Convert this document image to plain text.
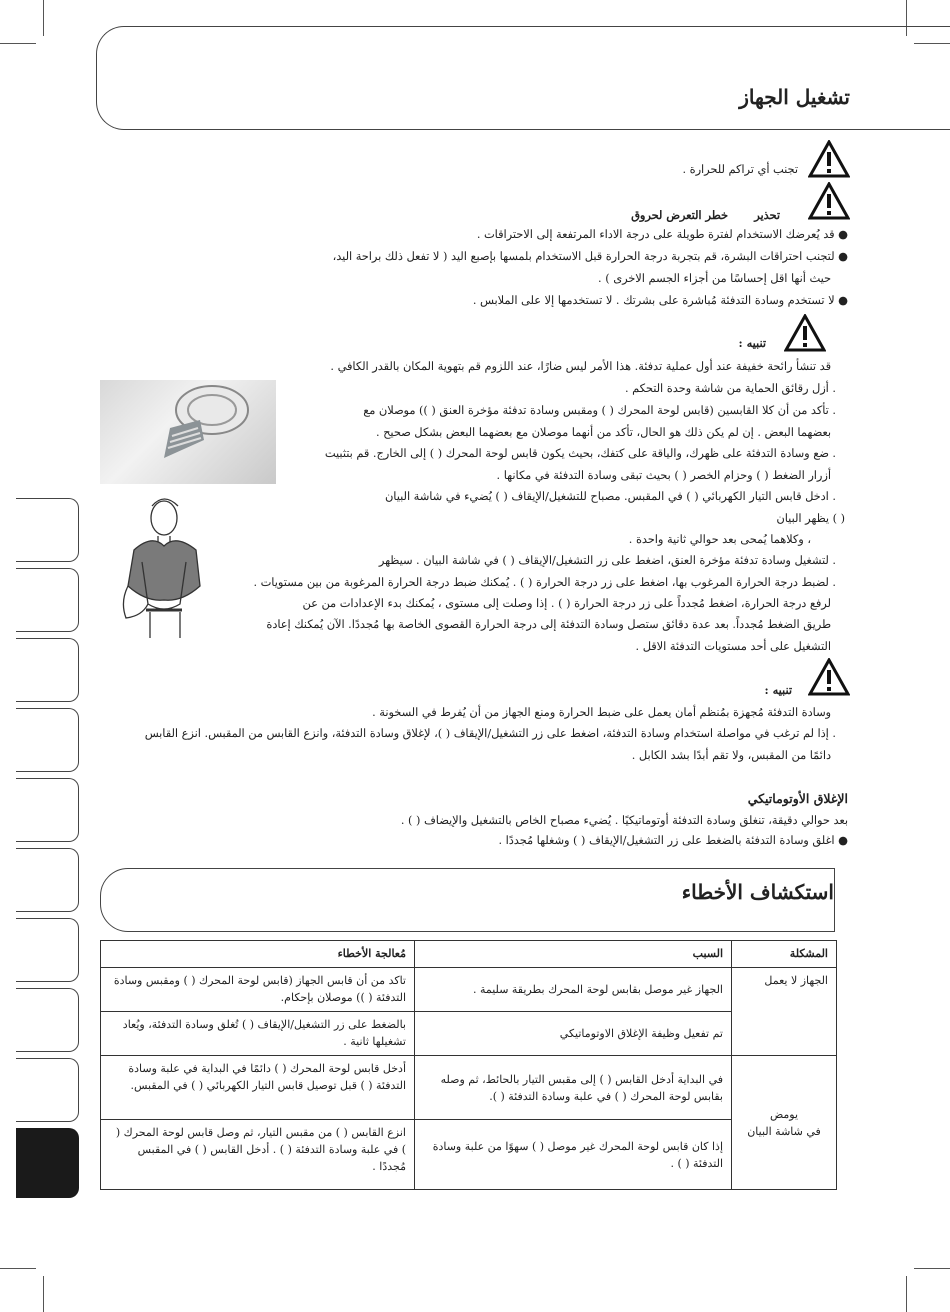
تشغيل الجهاز
تجنب أي تراكم للحرارة .
تحذير
خطر التعرض لحروق
● قد يُعرضك الاستخدام لفترة طويلة على درجة الاداء المرتفعة إلى الاحتراقات .
● لتجنب احتراقات البشرة، قم بتجربة درجة الحرارة قبل الاستخدام بلمسها بإصبع اليد ( لا تفعل ذلك براحة اليد،
حيث أنها اقل إحساسًا من أجزاء الجسم الاخرى ) .
● لا تستخدم وسادة التدفئة مُباشرة على بشرتك . لا تستخدمها إلا على الملابس .
تنبيه :
قد تنشأ رائحة خفيفة عند أول عملية تدفئة. هذا الأمر ليس ضارًا، عند اللزوم قم بتهوية المكان بالقدر الكافي .
. أزل رقائق الحماية من شاشة وحدة التحكم .
. تأكد من أن كلا القابسين (قابس لوحة المحرك ( ) ومقبس وسادة تدفئة مؤخرة العنق ( )) موصلان مع
بعضهما البعض . إن لم يكن ذلك هو الحال، تأكد من أنهما موصلان مع بعضهما البعض بشكل صحيح .
. ضع وسادة التدفئة على ظهرك، والياقة على كتفك، بحيث يكون قابس لوحة المحرك ( ) إلى الخارج. قم بتثبيت
أزرار الضغط ( ) وحزام الخصر ( ) بحيث تبقى وسادة التدفئة في مكانها .
. ادخل قابس التيار الكهربائي ( ) في المقبس. مصباح للتشغيل/الإيقاف ( ) يُضيء في شاشة البيان
( ) يظهر البيان
، وكلاهما يُمحى بعد حوالي ثانية واحدة .
. لتشغيل وسادة تدفئة مؤخرة العنق، اضغط على زر التشغيل/الإيقاف ( ) في شاشة البيان . سيظهر
. لضبط درجة الحرارة المرغوب بها، اضغط على زر درجة الحرارة ( ) . يُمكنك ضبط درجة الحرارة المرغوبة من بين مستويات .
لرفع درجة الحرارة، اضغط مُجدداً على زر درجة الحرارة ( ) . إذا وصلت إلى مستوى ، يُمكنك بدء الإعدادات من عن
طريق الضغط مُجدداً. بعد عدة دقائق ستصل وسادة التدفئة إلى درجة الحرارة القصوى الخاصة بها مُجددًا. الآن يُمكنك إعادة
التشغيل على أحد مستويات التدفئة الاقل .
تنبيه :
وسادة التدفئة مُجهزة بمُنظم أمان يعمل على ضبط الحرارة ومنع الجهاز من أن يُفرط في السخونة .
. إذا لم ترغب في مواصلة استخدام وسادة التدفئة، اضغط على زر التشغيل/الإيقاف ( )، لإغلاق وسادة التدفئة، وانزع القابس من المقبس. انزع القابس
دائمًا من المقبس، ولا تقم أبدًا بشد الكابل .
الإغلاق الأوتوماتيكي
بعد حوالي دقيقة، تنغلق وسادة التدفئة أوتوماتيكيًا . يُضيء مصباح الخاص بالتشغيل والإيضاف ( ) .
● اغلق وسادة التدفئة بالضغط على زر التشغيل/الإيقاف ( ) وشغلها مُجددًا .
استكشاف الأخطاء
المشكلة	السبب	مُعالجة الأخطاء
الجهاز لا يعمل	الجهاز غير موصل بقابس لوحة المحرك بطريقة سليمة .	تاكد من أن قابس الجهاز (قابس لوحة المحرك ( ) ومقبس وسادة التدفئة ( )) موصلان بإحكام.
	تم تفعيل وظيفة الإغلاق الاوتوماتيكي	بالضغط على زر التشغيل/الإيقاف ( ) تُغلق وسادة التدفئة، ويُعاد تشغيلها ثانية .

يومض
في شاشة البيان	في البداية أدخل القابس ( ) إلى مقبس التيار بالحائط، ثم وصله بقابس لوحة المحرك ( ) في علبة وسادة التدفئة ( ).	أدخل قابس لوحة المحرك ( ) دائمًا في البداية في علبة وسادة التدفئة ( ) قبل توصيل قابس التيار الكهربائي ( ) في المقبس.
	إذا كان قابس لوحة المحرك غير موصل ( ) سهوًا من علبة وسادة التدفئة ( ) .	انزع القابس ( ) من مقبس التيار، ثم وصل قابس لوحة المحرك ( ) في علبة وسادة التدفئة ( ) . أدخل القابس ( ) في المقبس مُجددًا .
